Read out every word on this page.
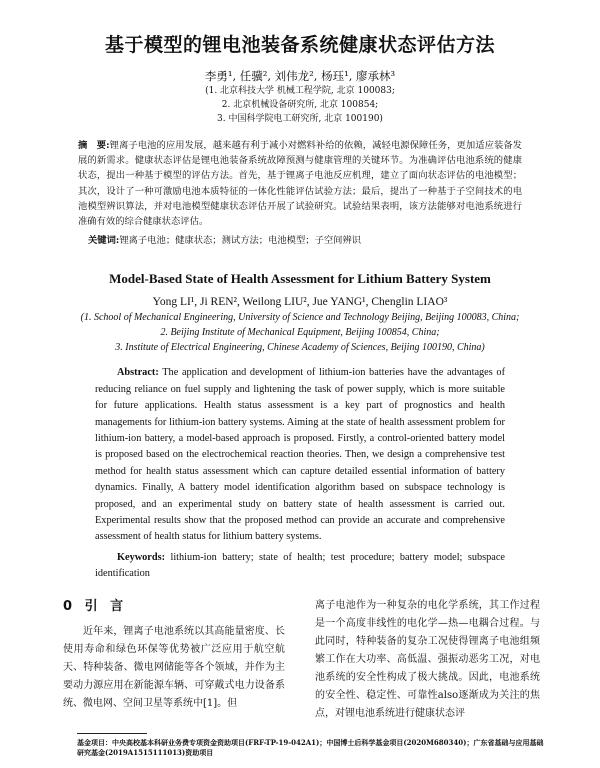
基于模型的锂电池装备系统健康状态评估方法
李勇¹, 任骥², 刘伟龙², 杨珏¹, 廖承林³
(1. 北京科技大学 机械工程学院, 北京 100083;
2. 北京机械设备研究所, 北京 100854;
3. 中国科学院电工研究所, 北京 100190)
摘　要:锂离子电池的应用发展，越来越有利于减小对燃料补给的依赖，减轻电源保障任务，更加适应装备发展的新需求。健康状态评估是锂电池装备系统故障预测与健康管理的关键环节。为准确评估电池系统的健康状态，提出一种基于模型的评估方法。首先，基于锂离子电池反应机理，建立了面向状态评估的电池模型；其次，设计了一种可激励电池本质特征的一体化性能评估试验方法；最后，提出了一种基于子空间技术的电池模型辨识算法，并对电池模型健康状态评估开展了试验研究。试验结果表明，该方法能够对电池系统进行准确有效的综合健康状态评估。
关键词:锂离子电池；健康状态；测试方法；电池模型；子空间辨识
Model-Based State of Health Assessment for Lithium Battery System
Yong LI¹, Ji REN², Weilong LIU², Jue YANG¹, Chenglin LIAO³
(1. School of Mechanical Engineering, University of Science and Technology Beijing, Beijing 100083, China;
2. Beijing Institute of Mechanical Equipment, Beijing 100854, China;
3. Institute of Electrical Engineering, Chinese Academy of Sciences, Beijing 100190, China)
Abstract: The application and development of lithium-ion batteries have the advantages of reducing reliance on fuel supply and lightening the task of power supply, which is more suitable for future applications. Health status assessment is a key part of prognostics and health managements for lithium-ion battery systems. Aiming at the state of health assessment problem for lithium-ion battery, a model-based approach is proposed. Firstly, a control-oriented battery model is proposed based on the electrochemical reaction theories. Then, we design a comprehensive test method for health status assessment which can capture detailed essential information of battery dynamics. Finally, A battery model identification algorithm based on subspace technology is proposed, and an experimental study on battery state of health assessment is carried out. Experimental results show that the proposed method can provide an accurate and comprehensive assessment of health status for lithium battery systems.
Keywords: lithium-ion battery; state of health; test procedure; battery model; subspace identification
0 引 言
近年来，锂离子电池系统以其高能量密度、长使用寿命和绿色环保等优势被广泛应用于航空航天、特种装备、微电网储能等各个领域，并作为主要动力源应用在新能源车辆、可穿戴式电力设备系统、微电网、空间卫星等系统中[1]。但
离子电池作为一种复杂的电化学系统，其工作过程是一个高度非线性的电化学—热—电耦合过程。与此同时，特种装备的复杂工况使得锂离子电池组频繁工作在大功率、高低温、强振动恶劣工况，对电池系统的安全性构成了极大挑战。因此，电池系统的安全性、稳定性、可靠性also逐渐成为关注的焦点，对锂电池系统进行健康状态评
基金项目：中央高校基本科研业务费专项资金资助项目(FRF-TP-19-042A1)；中国博士后科学基金项目(2020M680340)；广东省基础与应用基础研究基金(2019A1515111013)资助项目
